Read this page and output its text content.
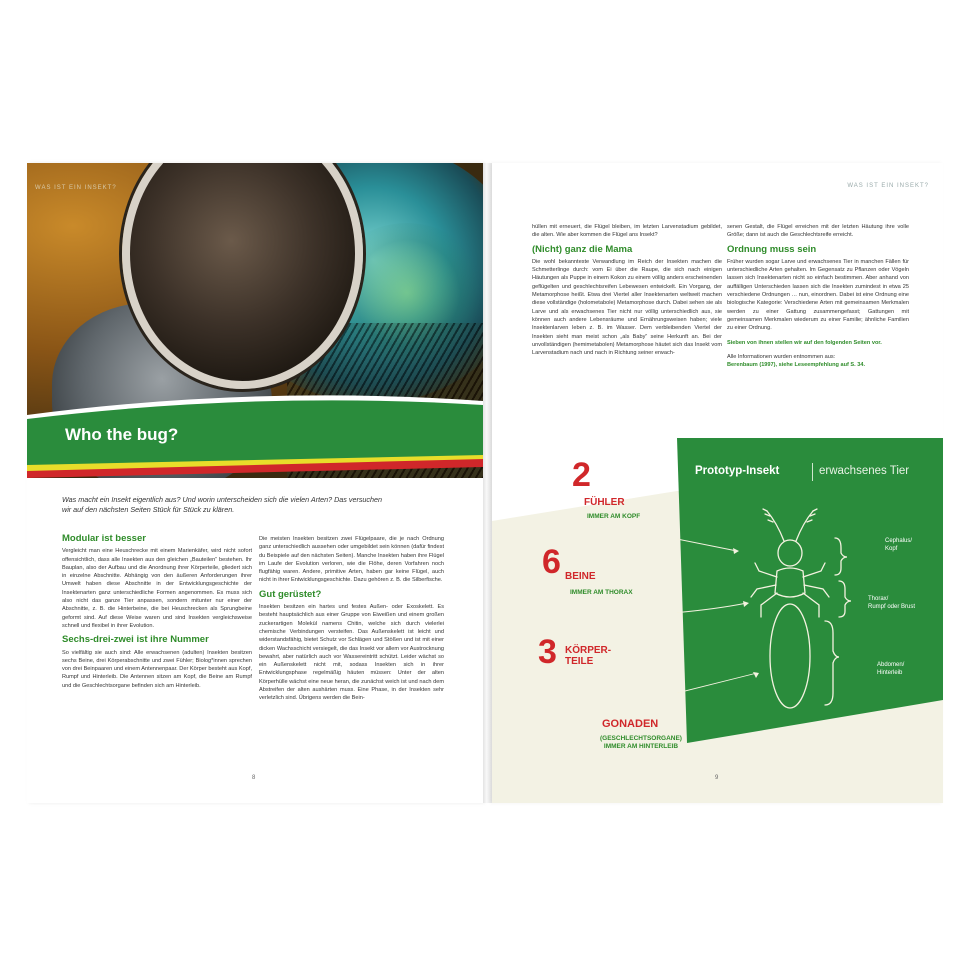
WAS IST EIN INSEKT?
Who the bug?
Was macht ein Insekt eigentlich aus? Und worin unterscheiden sich die vielen Arten? Das versuchen wir auf den nächsten Seiten Stück für Stück zu klären.
Modular ist besser

Vergleicht man eine Heuschrecke mit einem Marienkäfer, wird nicht sofort offensichtlich, dass alle Insekten aus den gleichen „Bauteilen“ bestehen. Ihr Bauplan, also der Aufbau und die Anordnung ihrer Körperteile, gliedert sich in einzelne Abschnitte. Abhängig von den äußeren Anforderungen ihrer Umwelt haben diese Abschnitte in der Entwicklungsgeschichte der Insektenarten ganz unterschiedliche Formen angenommen. Es muss sich also nicht das ganze Tier anpassen, sondern mitunter nur einer der Abschnitte, z. B. die Hinterbeine, die bei Heuschrecken als Sprungbeine geformt sind. Auf diese Weise waren und sind Insekten vergleichsweise schnell und flexibel in ihrer Evolution.

Sechs-drei-zwei ist ihre Nummer

So vielfältig sie auch sind: Alle erwachsenen (adulten) Insekten besitzen sechs Beine, drei Körperabschnitte und zwei Fühler; Biolog*innen sprechen von drei Beinpaaren und einem Antennenpaar. Der Körper besteht aus Kopf, Rumpf und Hinterleib. Die Antennen sitzen am Kopf, die Beine am Rumpf und die Geschlechtsorgane befinden sich am Hinterleib.

Die meisten Insekten besitzen zwei Flügelpaare, die je nach Ordnung ganz unterschiedlich aussehen oder umgebildet sein können (dafür findest du Beispiele auf den nächsten Seiten). Manche Insekten haben ihre Flügel im Laufe der Evolution verloren, wie die Flöhe, deren Vorfahren noch flugfähig waren. Andere, primitive Arten, haben gar keine Flügel, auch nicht in ihrer Entwicklungsgeschichte. Dazu gehören z. B. die Silberfische.

Gut gerüstet?

Insekten besitzen ein hartes und festes Außen- oder Exoskelett. Es besteht hauptsächlich aus einer Gruppe von Eiweißen und einem großen zuckerartigen Molekül namens Chitin, welche sich durch vielerlei chemische Verbindungen versteifen. Das Außenskelett ist leicht und widerstandsfähig, bietet Schutz vor Schlägen und Stößen und ist mit einer dicken Wachsschicht versiegelt, die das Insekt vor allem vor Austrocknung bewahrt, aber natürlich auch vor Wassereintritt schützt. Leider wächst so ein Außenskelett nicht mit, sodass Insekten sich in ihrer Entwicklungsphase regelmäßig häuten müssen: Unter der alten Körperhülle wächst eine neue heran, die zunächst weich ist und nach dem Abstreifen der alten aushärten muss. Eine Phase, in der Insekten sehr verletzlich sind. Übrigens werden die Bein-

8
WAS IST EIN INSEKT?

hüllen mit erneuert, die Flügel bleiben, im letzten Larvenstadium gebildet, die alten. Wie aber kommen die Flügel ans Insekt?

(Nicht) ganz die Mama

Die wohl bekannteste Verwandlung im Reich der Insekten machen die Schmetterlinge durch: vom Ei über die Raupe, die sich nach einigen Häutungen als Puppe in einem Kokon zu einem völlig anders erscheinenden geflügelten und geschlechtsreifen Lebewesen entwickelt. Ein Vorgang, der Metamorphose heißt. Etwa drei Viertel aller Insektenarten weltweit machen diese vollständige (holometabole) Metamorphose durch. Dabei sehen sie als Larve und als erwachsenes Tier nicht nur völlig unterschiedlich aus, sie können auch andere Lebensräume und Ernährungsweisen haben; viele Insektenlarven leben z. B. im Wasser. Dem verbleibenden Viertel der Insekten sieht man meist schon „als Baby“ seine Herkunft an. Bei der unvollständigen (hemimetabolen) Metamorphose häutet sich das Insekt vom Larvenstadium nach und nach in Richtung seiner erwach-

senen Gestalt, die Flügel erreichen mit der letzten Häutung ihre volle Größe; dann ist auch die Geschlechtsreife erreicht.

Ordnung muss sein

Früher wurden sogar Larve und erwachsenes Tier in manchen Fällen für unterschiedliche Arten gehalten. Im Gegensatz zu Pflanzen oder Vögeln lassen sich Insektenarten nicht so einfach bestimmen. Aber anhand von auffälligen Unterschieden lassen sich die Insekten zumindest in etwa 25 verschiedene Ordnungen … nun, einordnen. Dabei ist eine Ordnung eine biologische Kategorie: Verschiedene Arten mit gemeinsamen Merkmalen werden zu einer Gattung zusammengefasst; Gattungen mit gemeinsamen Merkmalen wiederum zu einer Familie; ähnliche Familien zu einer Ordnung.

Sieben von ihnen stellen wir auf den folgenden Seiten vor.

Alle Informationen wurden entnommen aus:

Berenbaum (1997), siehe Leseempfehlung auf S. 34.

Prototyp-Insekt	erwachsenes Tier
Cephalus/
Kopf
Thorax/
Rumpf oder Brust
Abdomen/
Hinterleib
2
FÜHLER
IMMER AM KOPF
6 BEINE
IMMER AM THORAX
3 KÖRPER-
TEILE
GONADEN
(GESCHLECHTSORGANE)
IMMER AM HINTERLEIB
9
